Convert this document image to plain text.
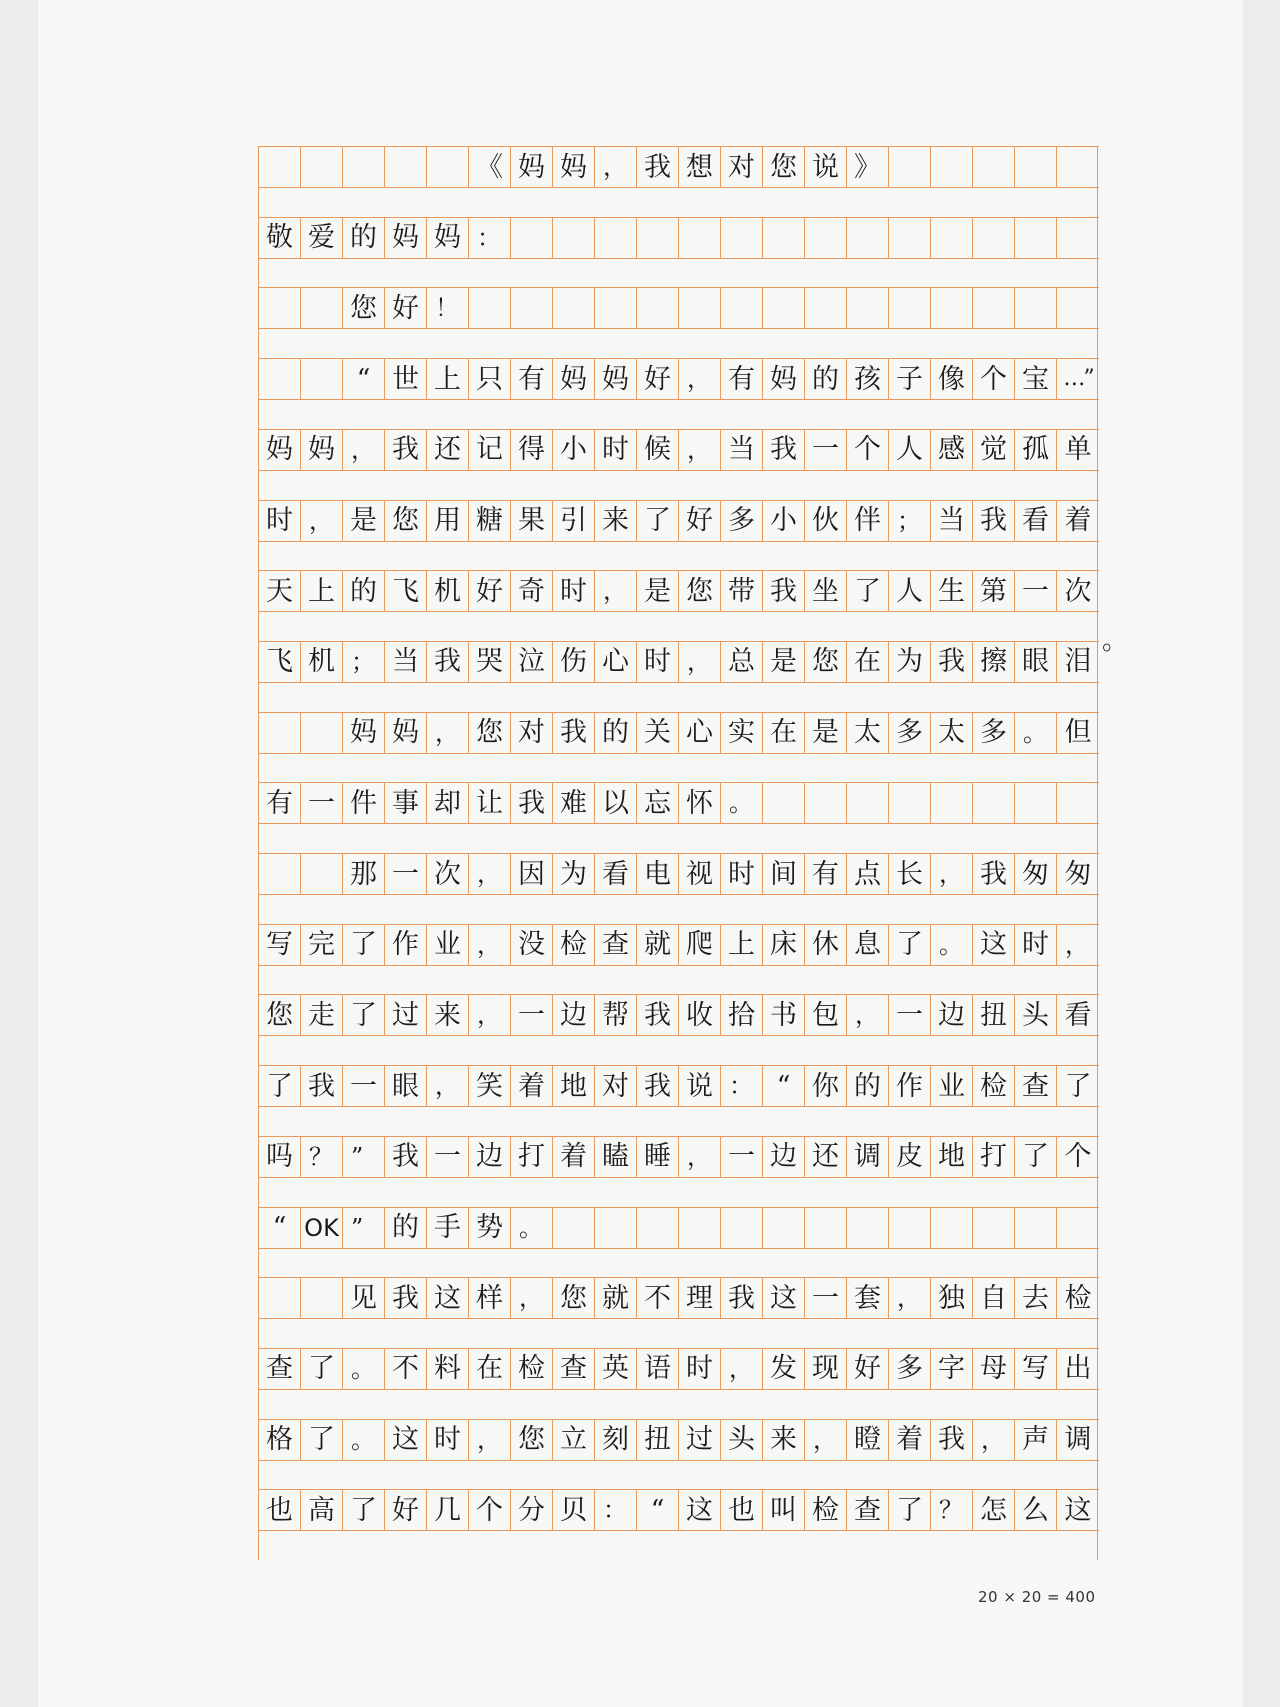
《 妈 妈 ， 我 想 对 您 说 》
敬 爱 的 妈 妈 ：
您 好 ！
“ 世 上 只 有 妈 妈 好 ， 有 妈 的 孩 子 像 个 宝 …”
妈 妈 ， 我 还 记 得 小 时 候 ， 当 我 一 个 人 感 觉 孤 单
时 ， 是 您 用 糖 果 引 来 了 好 多 小 伙 伴 ； 当 我 看 着
天 上 的 飞 机 好 奇 时 ， 是 您 带 我 坐 了 人 生 第 一 次
飞 机 ； 当 我 哭 泣 伤 心 时 ， 总 是 您 在 为 我 擦 眼 泪
妈 妈 ， 您 对 我 的 关 心 实 在 是 太 多 太 多 。 但
有 一 件 事 却 让 我 难 以 忘 怀 。
那 一 次 ， 因 为 看 电 视 时 间 有 点 长 ， 我 匆 匆
写 完 了 作 业 ， 没 检 查 就 爬 上 床 休 息 了 。 这 时 ，
您 走 了 过 来 ， 一 边 帮 我 收 拾 书 包 ， 一 边 扭 头 看
了 我 一 眼 ， 笑 着 地 对 我 说 ： “ 你 的 作 业 检 查 了
吗 ？ ”	我 一 边 打 着 瞌 睡 ， 一 边 还 调 皮 地 打 了 个
“ OK ”	的 手 势 。
见 我 这 样 ， 您 就 不 理 我 这 一 套 ， 独 自 去 检
查 了 。 不 料 在 检 查 英 语 时 ， 发 现 好 多 字 母 写 出
格 了 。 这 时 ， 您 立 刻 扭 过 头 来 ， 瞪 着 我 ， 声 调
也 高 了 好 几 个 分 贝 ： “ 这 也 叫 检 查 了 ？ 怎 么 这
。
20 × 20 = 400
